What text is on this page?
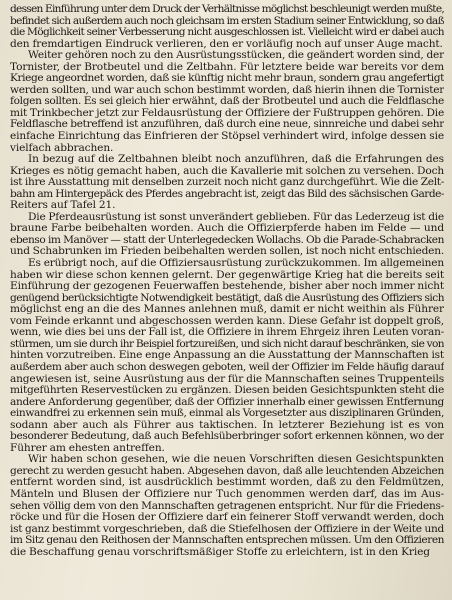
dessen Einführung unter dem Druck der Verhältnisse möglichst beschleunigt werden mußte,
befindet sich außerdem auch noch gleichsam im ersten Stadium seiner Entwicklung, so daß
die Möglichkeit seiner Verbesserung nicht ausgeschlossen ist. Vielleicht wird er dabei auch
den fremdartigen Eindruck verlieren, den er vorläufig noch auf unser Auge macht.
Weiter gehören noch zu den Ausrüstungsstücken, die geändert worden sind, der
Tornister, der Brotbeutel und die Zeltbahn. Für letztere beide war bereits vor dem
Kriege angeordnet worden, daß sie künftig nicht mehr braun, sondern grau angefertigt
werden sollten, und war auch schon bestimmt worden, daß hierin ihnen die Tornister
folgen sollten. Es sei gleich hier erwähnt, daß der Brotbeutel und auch die Feldflasche
mit Trinkbecher jetzt zur Feldausrüstung der Offiziere der Fußtruppen gehören. Die
Feldflasche betreffend ist anzuführen, daß durch eine neue, sinnreiche und dabei sehr
einfache Einrichtung das Einfrieren der Stöpsel verhindert wird, infolge dessen sie
vielfach abbrachen.
In bezug auf die Zeltbahnen bleibt noch anzuführen, daß die Erfahrungen des
Krieges es nötig gemacht haben, auch die Kavallerie mit solchen zu versehen. Doch
ist ihre Ausstattung mit denselben zurzeit noch nicht ganz durchgeführt. Wie die Zelt-
bahn am Hintergepäck des Pferdes angebracht ist, zeigt das Bild des sächsischen Garde-
Reiters auf Tafel 21.
Die Pferdeausrüstung ist sonst unverändert geblieben. Für das Lederzeug ist die
braune Farbe beibehalten worden. Auch die Offizierpferde haben im Felde — und
ebenso im Manöver — statt der Unterlegedecken Wollachs. Ob die Parade-Schabracken
und Schabrunken im Frieden beibehalten werden sollen, ist noch nicht entschieden.
Es erübrigt noch, auf die Offiziersausrüstung zurückzukommen. Im allgemeinen
haben wir diese schon kennen gelernt. Der gegenwärtige Krieg hat die bereits seit
Einführung der gezogenen Feuerwaffen bestehende, bisher aber noch immer nicht
genügend berücksichtigte Notwendigkeit bestätigt, daß die Ausrüstung des Offiziers sich
möglichst eng an die des Mannes anlehnen muß, damit er nicht weithin als Führer
vom Feinde erkannt und abgeschossen werden kann. Diese Gefahr ist doppelt groß,
wenn, wie dies bei uns der Fall ist, die Offiziere in ihrem Ehrgeiz ihren Leuten voran-
stürmen, um sie durch ihr Beispiel fortzureißen, und sich nicht darauf beschränken, sie von
hinten vorzutreiben. Eine enge Anpassung an die Ausstattung der Mannschaften ist
außerdem aber auch schon deswegen geboten, weil der Offizier im Felde häufig darauf
angewiesen ist, seine Ausrüstung aus der für die Mannschaften seines Truppenteils
mitgeführten Reservestücken zu ergänzen. Diesen beiden Gesichtspunkten steht die
andere Anforderung gegenüber, daß der Offizier innerhalb einer gewissen Entfernung
einwandfrei zu erkennen sein muß, einmal als Vorgesetzter aus disziplinaren Gründen,
sodann aber auch als Führer aus taktischen. In letzterer Beziehung ist es von
besonderer Bedeutung, daß auch Befehlsüberbringer sofort erkennen können, wo der
Führer am ehesten antreffen.
Wir haben schon gesehen, wie die neuen Vorschriften diesen Gesichtspunkten
gerecht zu werden gesucht haben. Abgesehen davon, daß alle leuchtenden Abzeichen
entfernt worden sind, ist ausdrücklich bestimmt worden, daß zu den Feldmützen,
Mänteln und Blusen der Offiziere nur Tuch genommen werden darf, das im Aus-
sehen völlig dem von den Mannschaften getragenen entspricht. Nur für die Friedens-
röcke und für die Hosen der Offiziere darf ein feinerer Stoff verwandt werden, doch
ist ganz bestimmt vorgeschrieben, daß die Stiefelhosen der Offiziere in der Weite und
im Sitz genau den Reithosen der Mannschaften entsprechen müssen. Um den Offizieren
die Beschaffung genau vorschriftsmäßiger Stoffe zu erleichtern, ist in den Krieg
